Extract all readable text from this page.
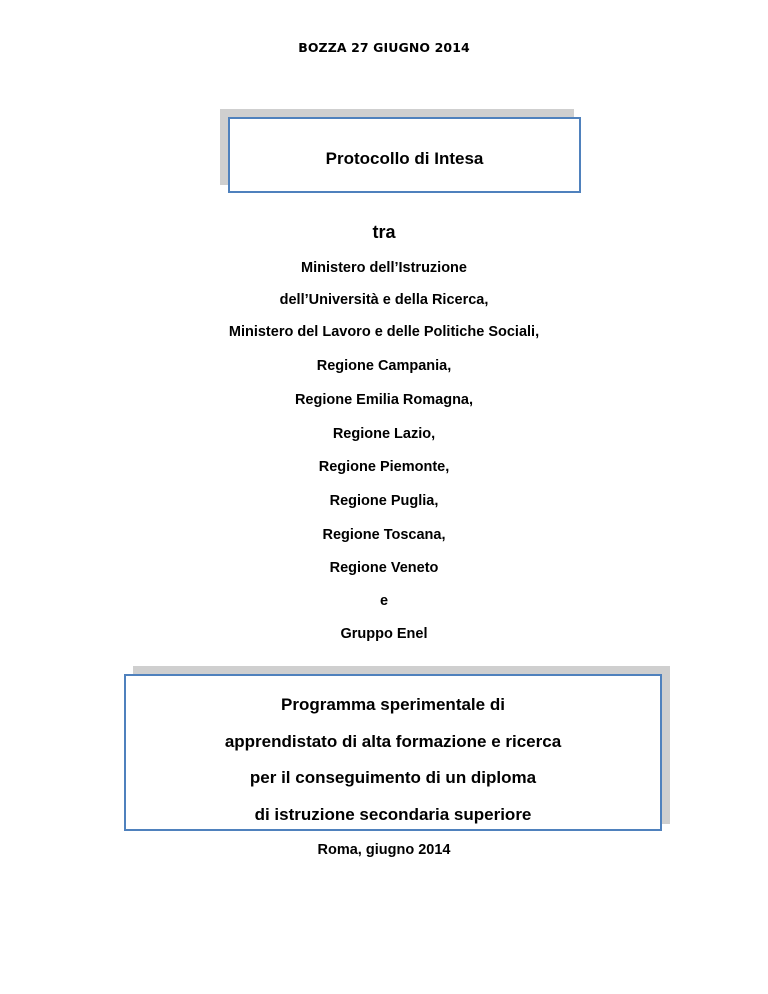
BOZZA 27 GIUGNO 2014
Protocollo di Intesa
tra
Ministero dell’Istruzione
dell’Università e della Ricerca,
Ministero del Lavoro e delle Politiche Sociali,
Regione Campania,
Regione Emilia Romagna,
Regione Lazio,
Regione Piemonte,
Regione Puglia,
Regione Toscana,
Regione Veneto
e
Gruppo Enel
Programma sperimentale di
apprendistato di alta formazione e ricerca
per il conseguimento di un diploma
di istruzione secondaria superiore
Roma, giugno 2014
